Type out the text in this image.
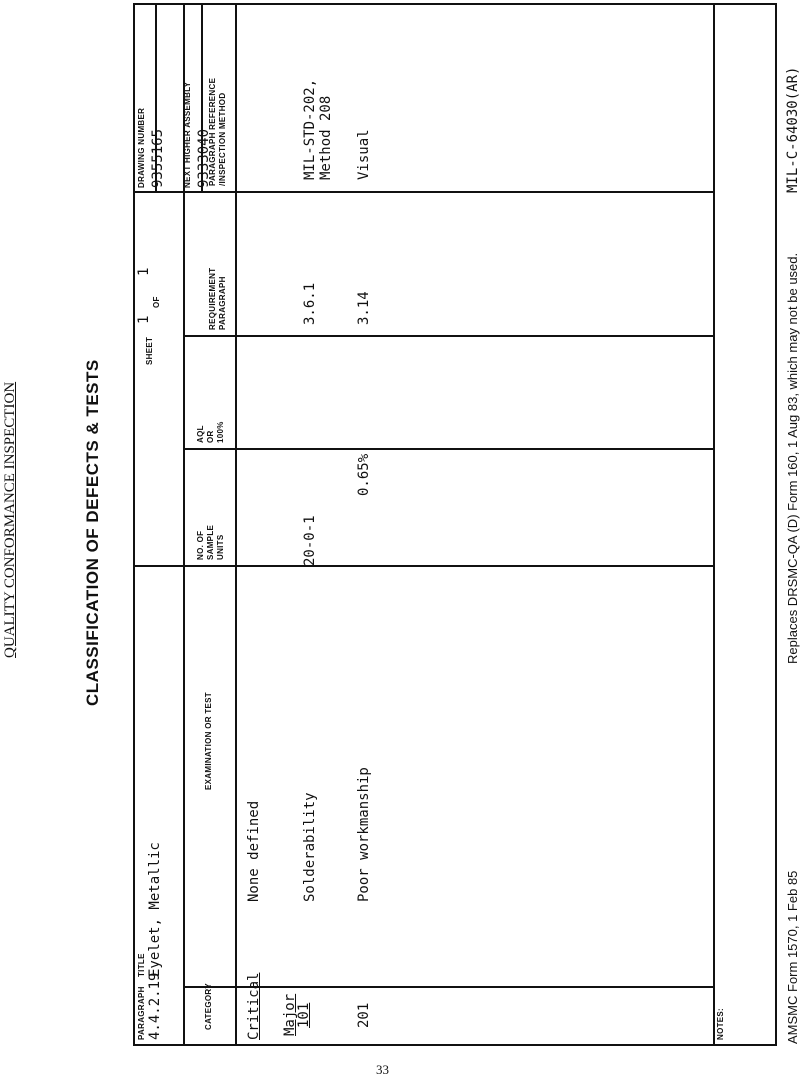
QUALITY CONFORMANCE INSPECTION	CLASSIFICATION OF DEFECTS & TESTS
MIL-C-64030(AR)
PARAGRAPH 4.4.2.19
TITLE Eyelet, Metallic
SHEET
1
OF
1
DRAWING NUMBER 9355165 NEXT HIGHER ASSEMBLY 9333040
CATEGORY
EXAMINATION OR TEST
NO. OF SAMPLE UNITS
AQL OR 100%
REQUIREMENT PARAGRAPH
PARAGRAPH REFERENCE /INSPECTION METHOD
Critical
None defined
Major
101
Solderability
20-0-1
3.6.1
MIL-STD-202, Method 208
201
Poor workmanship
0.65%
3.14
Visual
NOTES:	AMSMC Form 1570, 1 Feb 85
Replaces DRSMC-QA (D) Form 160, 1 Aug 83, which may not be used.
33
